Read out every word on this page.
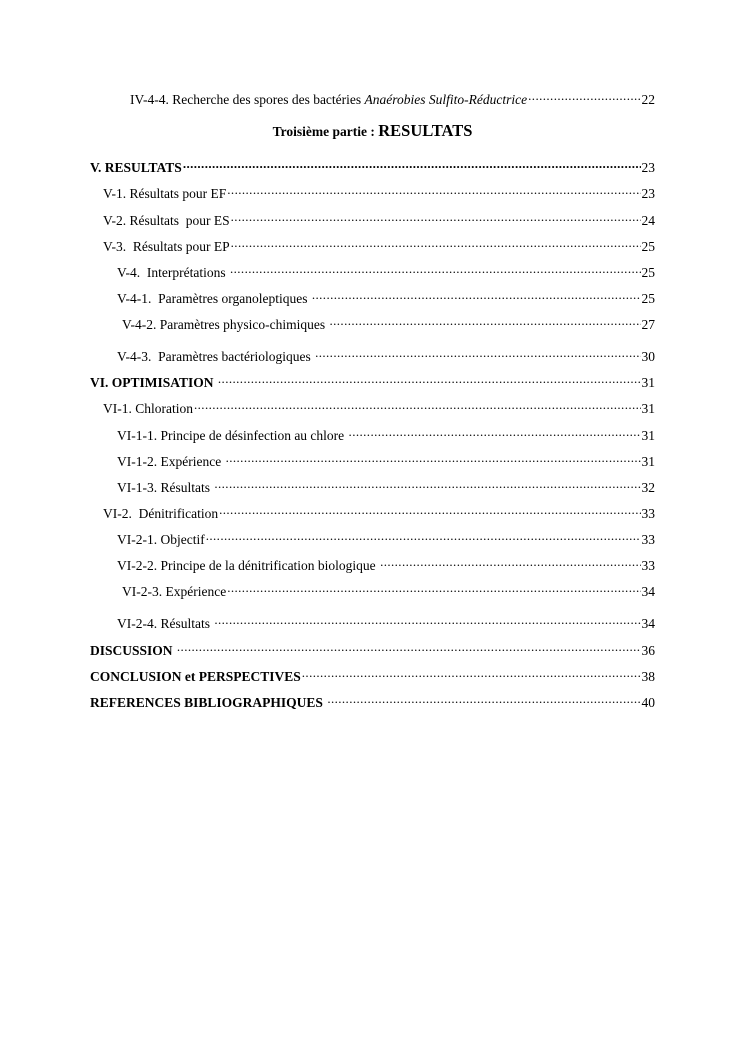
IV-4-4. Recherche des spores des bactéries Anaérobies Sulfito-Réductrice .....	22
Troisième partie : RESULTATS
V. RESULTATS .....	23
V-1. Résultats pour EF .....	23
V-2. Résultats  pour ES .....	24
V-3.  Résultats pour EP .....	25
V-4.  Interprétations .....	25
V-4-1.  Paramètres organoleptiques .....	25
V-4-2. Paramètres physico-chimiques .....	27
V-4-3.  Paramètres bactériologiques .....	30
VI. OPTIMISATION .....	31
VI-1. Chloration .....	31
VI-1-1. Principe de désinfection au chlore .....	31
VI-1-2. Expérience .....	31
VI-1-3. Résultats .....	32
VI-2.  Dénitrification .....	33
VI-2-1. Objectif .....	33
VI-2-2. Principe de la dénitrification biologique .....	33
VI-2-3. Expérience .....	34
VI-2-4. Résultats .....	34
DISCUSSION .....	36
CONCLUSION et PERSPECTIVES .....	38
REFERENCES BIBLIOGRAPHIQUES .....	40
